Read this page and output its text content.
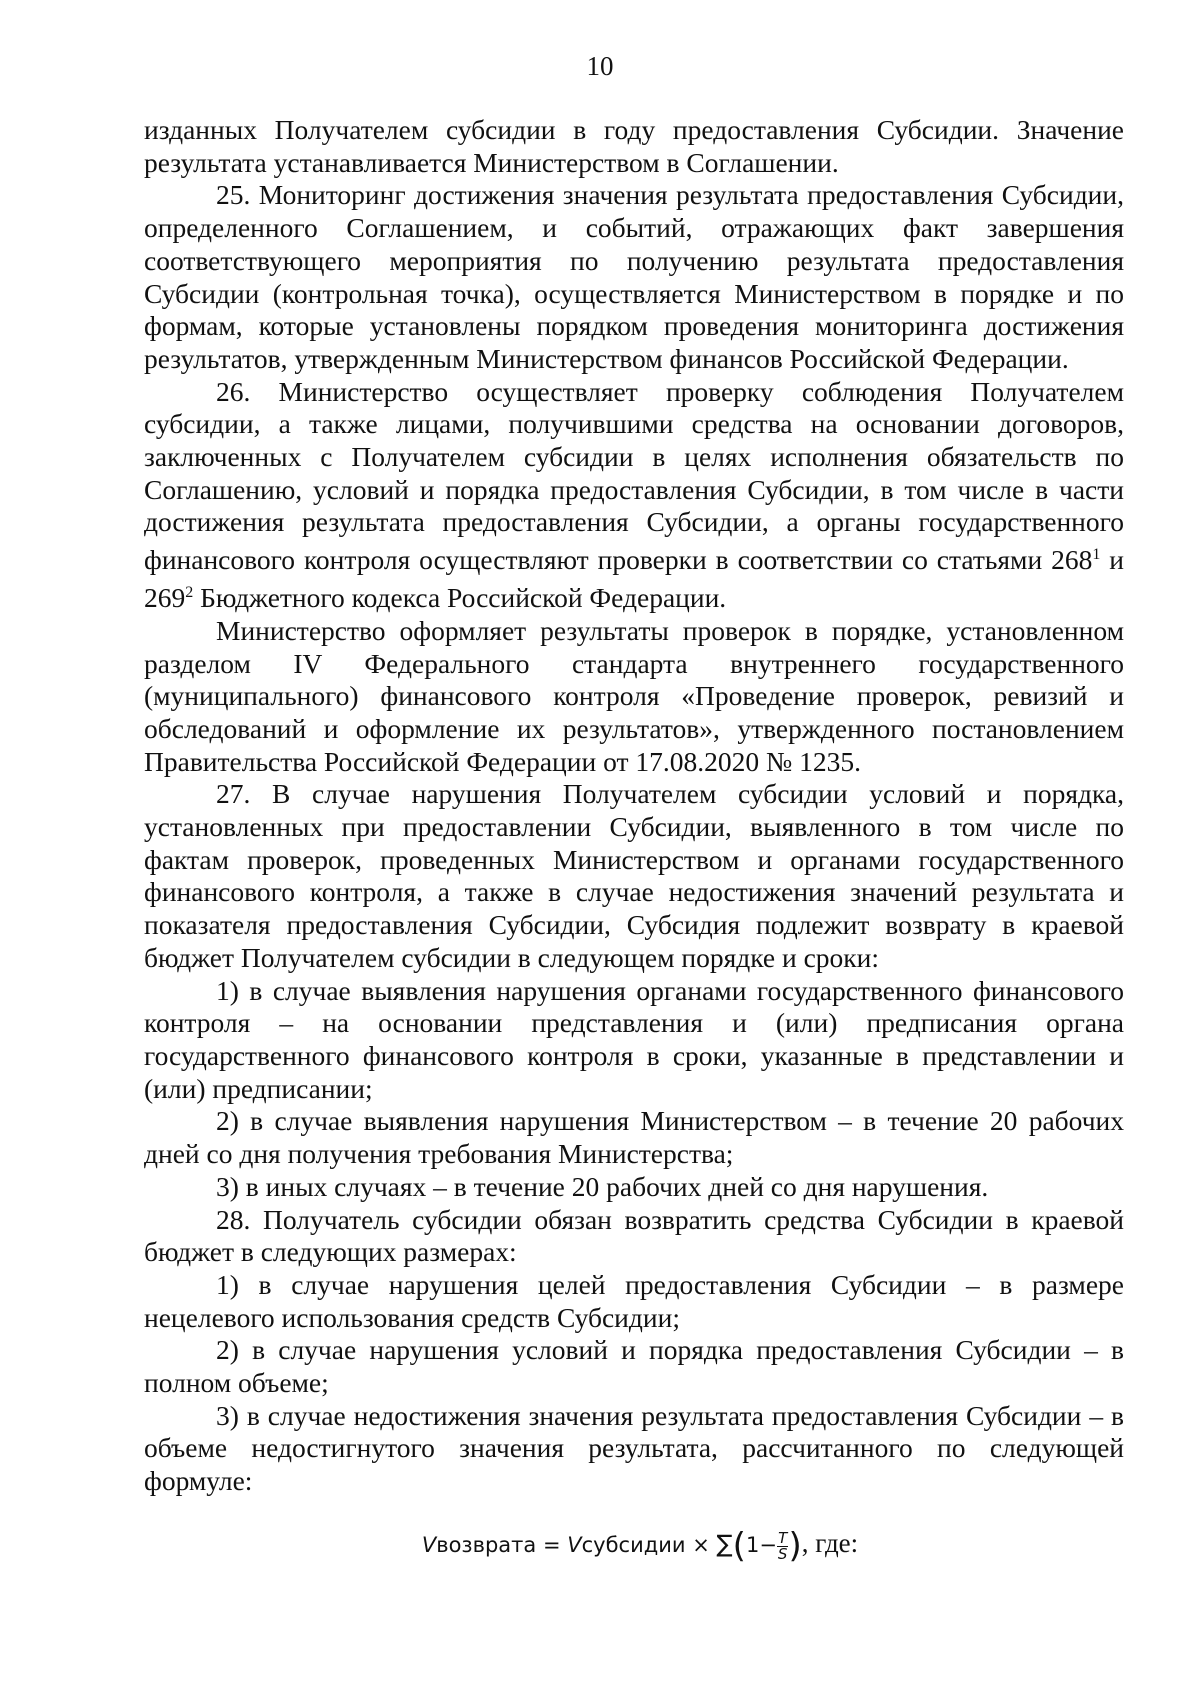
10

изданных Получателем субсидии в году предоставления Субсидии. Значение результата устанавливается Министерством в Соглашении.

25. Мониторинг достижения значения результата предоставления Субсидии, определенного Соглашением, и событий, отражающих факт завершения соответствующего мероприятия по получению результата предоставления Субсидии (контрольная точка), осуществляется Министерством в порядке и по формам, которые установлены порядком проведения мониторинга достижения результатов, утвержденным Министерством финансов Российской Федерации.

26. Министерство осуществляет проверку соблюдения Получателем субсидии, а также лицами, получившими средства на основании договоров, заключенных с Получателем субсидии в целях исполнения обязательств по Соглашению, условий и порядка предоставления Субсидии, в том числе в части достижения результата предоставления Субсидии, а органы государственного финансового контроля осуществляют проверки в соответствии со статьями $268^1$ и $269^2$ Бюджетного кодекса Российской Федерации.

Министерство оформляет результаты проверок в порядке, установленном разделом IV Федерального стандарта внутреннего государственного (муниципального) финансового контроля «Проведение проверок, ревизий и обследований и оформление их результатов», утвержденного постановлением Правительства Российской Федерации от 17.08.2020 № 1235.

27. В случае нарушения Получателем субсидии условий и порядка, установленных при предоставлении Субсидии, выявленного в том числе по фактам проверок, проведенных Министерством и органами государственного финансового контроля, а также в случае недостижения значений результата и показателя предоставления Субсидии, Субсидия подлежит возврату в краевой бюджет Получателем субсидии в следующем порядке и сроки:

1) в случае выявления нарушения органами государственного финансового контроля – на основании представления и (или) предписания органа государственного финансового контроля в сроки, указанные в представлении и (или) предписании;

2) в случае выявления нарушения Министерством – в течение 20 рабочих дней со дня получения требования Министерства;

3) в иных случаях – в течение 20 рабочих дней со дня нарушения.

28. Получатель субсидии обязан возвратить средства Субсидии в краевой бюджет в следующих размерах:

1) в случае нарушения целей предоставления Субсидии – в размере нецелевого использования средств Субсидии;

2) в случае нарушения условий и порядка предоставления Субсидии – в полном объеме;

3) в случае недостижения значения результата предоставления Субсидии – в объеме недостигнутого значения результата, рассчитанного по следующей формуле:

Vвозврата = Vсубсидии × $\sum(1- \frac{T}{S}$ ), где:
